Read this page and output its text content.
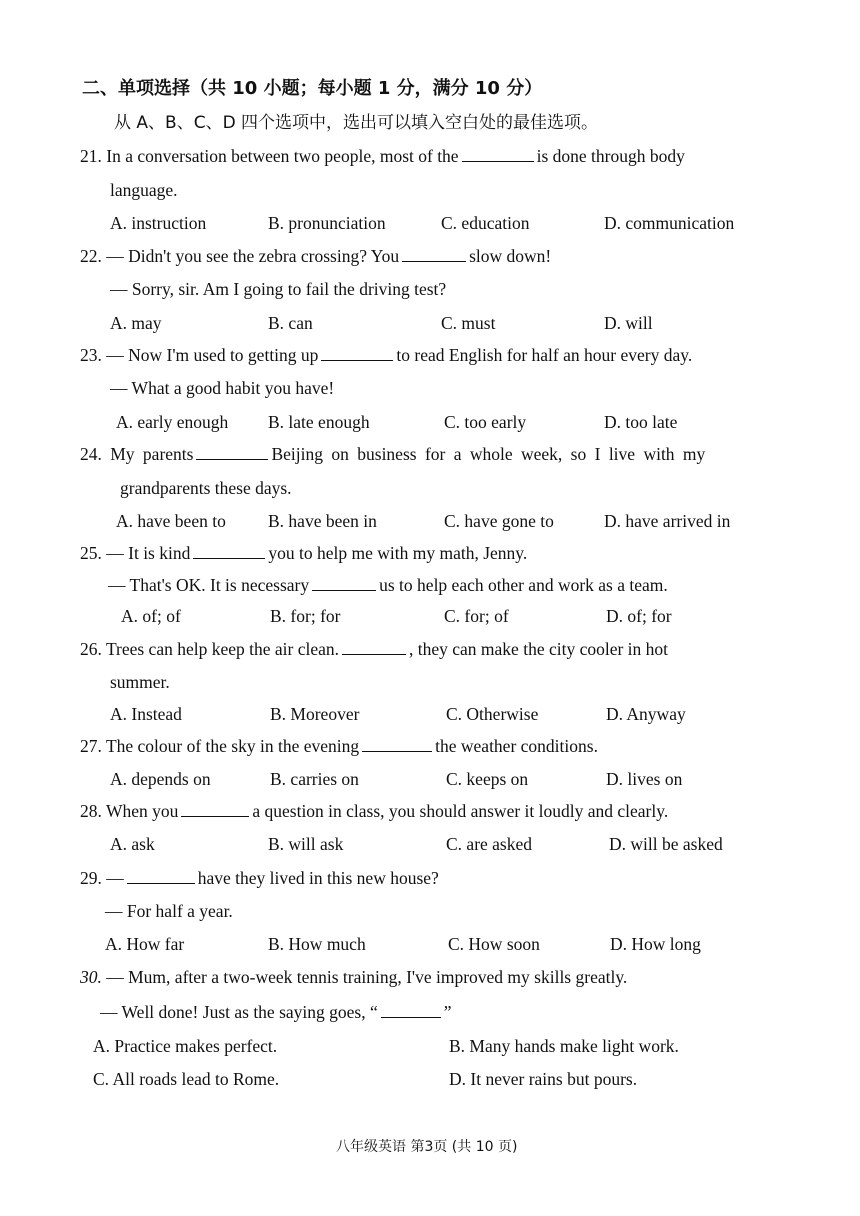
二、单项选择（共 10 小题；每小题 1 分，满分 10 分）
从 A、B、C、D 四个选项中，选出可以填入空白处的最佳选项。
21. In a conversation between two people, most of the	is done through body
language.
A. instruction	B. pronunciation	C. education	D. communication
22. — Didn't you see the zebra crossing? You	slow down!
— Sorry, sir. Am I going to fail the driving test?
A. may	B. can	C. must	D. will
23. — Now I'm used to getting up	to read English for half an hour every day.
— What a good habit you have!
A. early enough B. late enough	C. too early	D. too late
24. My parents	Beijing on business for a whole week, so I live with my
grandparents these days.
A. have been to B. have been in	C. have gone to	D. have arrived in
25. — It is kind	you to help me with my math, Jenny.
— That's OK. It is necessary	us to help each other and work as a team.
A. of; of	B. for; for	C. for; of	D. of; for
26. Trees can help keep the air clean.	, they can make the city cooler in hot
summer.
A. Instead	B. Moreover	C. Otherwise	D. Anyway
27. The colour of the sky in the evening	the weather conditions.
A. depends on	B. carries on	C. keeps on	D. lives on
28. When you	a question in class, you should answer it loudly and clearly.
A. ask	B. will ask	C. are asked	D. will be asked
29. —	have they lived in this new house?
— For half a year.
A. How far	B. How much	C. How soon	D. How long
30. — Mum, after a two-week tennis training, I've improved my skills greatly.
— Well done! Just as the saying goes, “	”
A. Practice makes perfect.	B. Many hands make light work.
C. All roads lead to Rome.	D. It never rains but pours.
八年级英语 第3页 (共 10 页)
